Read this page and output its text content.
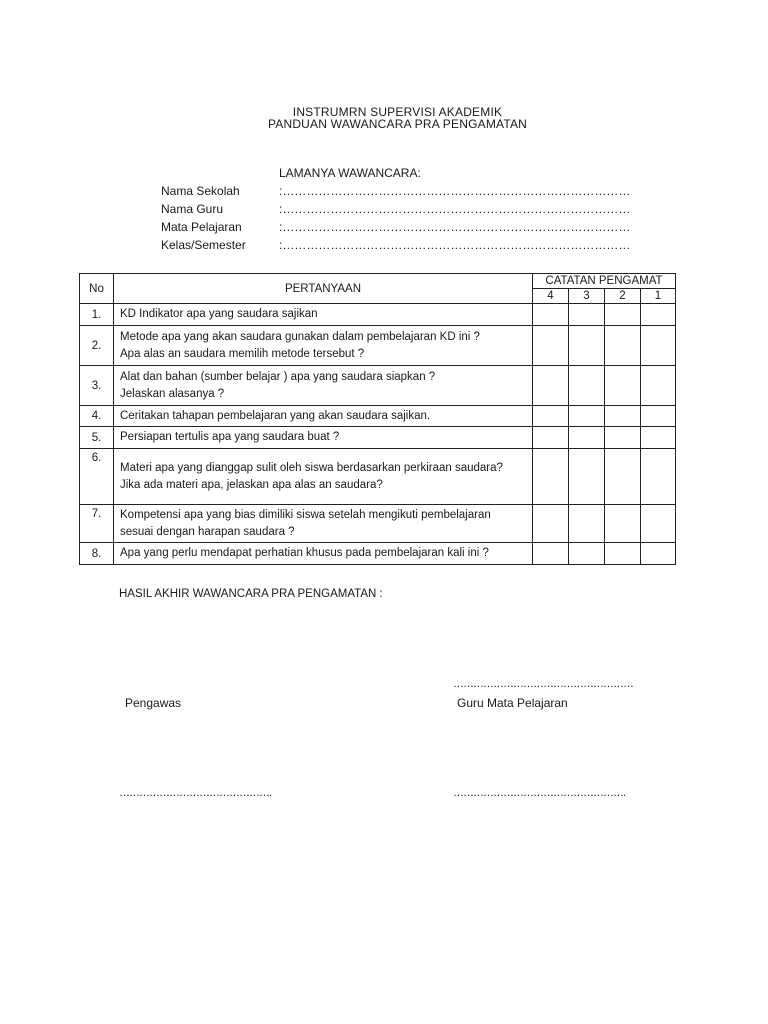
INSTRUMRN SUPERVISI AKADEMIK
PANDUAN WAWANCARA PRA PENGAMATAN
LAMANYA WAWANCARA:
Nama Sekolah	:……………………………………………………………………………
Nama Guru	:……………………………………………………………………………
Mata Pelajaran	:……………………………………………………………………………
Kelas/Semester	:……………………………………………………………………………
No	PERTANYAAN	CATATAN PENGAMAT			
		4	3	2	1
1.	KD Indikator apa yang saudara sajikan				

2.	Metode apa yang akan saudara gunakan dalam pembelajaran KD ini ?
Apa alas an saudara memilih metode tersebut ?				

3.	Alat dan bahan (sumber belajar ) apa yang saudara siapkan ?
Jelaskan alasanya ?				

4.	Ceritakan tahapan pembelajaran yang akan saudara sajikan.				

5.	Persiapan tertulis apa yang saudara buat ?				

6.	Materi apa yang dianggap sulit oleh siswa berdasarkan perkiraan saudara?
Jika ada materi apa, jelaskan apa alas an saudara?				

7.	Kompetensi apa yang bias dimiliki siswa setelah mengikuti pembelajaran sesuai dengan harapan saudara ?				

8.	Apa yang perlu mendapat perhatian khusus pada pembelajaran kali ini ?				

HASIL AKHIR WAWANCARA PRA PENGAMATAN :
………………………………………………
Pengawas	Guru Mata Pelajaran
……………………………………….	…………………………………………….
